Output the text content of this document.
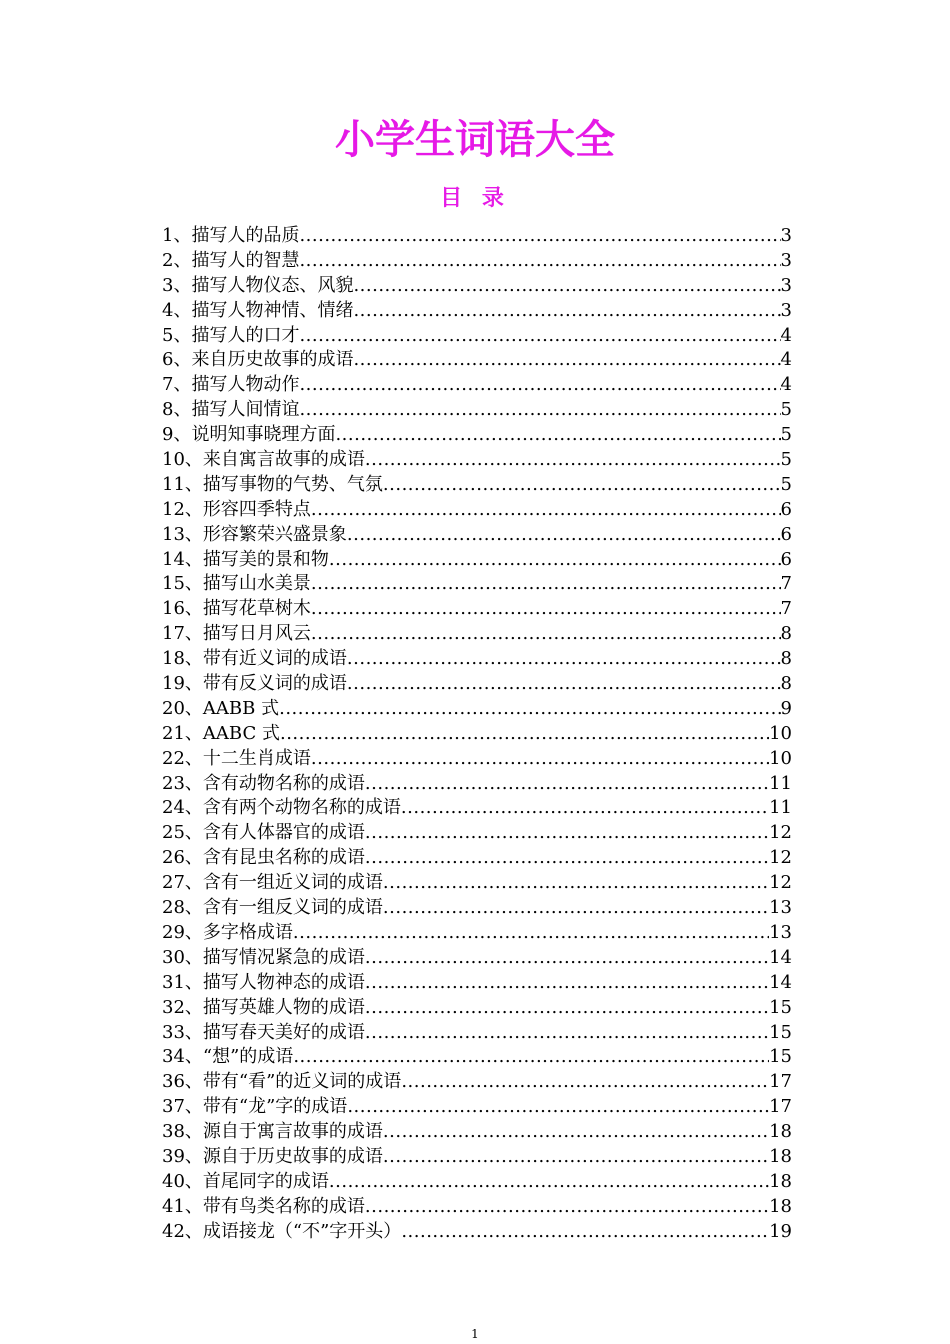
小学生词语大全
目 录
1、描写人的品质 .....	3
2、描写人的智慧 .....	3
3、描写人物仪态、风貌 .....	3
4、描写人物神情、情绪 .....	3
5、描写人的口才 .....	4
6、来自历史故事的成语 .....	4
7、描写人物动作 .....	4
8、描写人间情谊 .....	5
9、说明知事晓理方面 .....	5
10、来自寓言故事的成语 .....	5
11、描写事物的气势、气氛 .....	5
12、形容四季特点 .....	6
13、形容繁荣兴盛景象 .....	6
14、描写美的景和物 .....	6
15、描写山水美景 .....	7
16、描写花草树木 .....	7
17、描写日月风云 .....	8
18、带有近义词的成语 .....	8
19、带有反义词的成语 .....	8
20、AABB 式 .....	9
21、AABC 式 .....	10
22、十二生肖成语 .....	10
23、含有动物名称的成语 .....	11
24、含有两个动物名称的成语 .....	11
25、含有人体器官的成语 .....	12
26、含有昆虫名称的成语 .....	12
27、含有一组近义词的成语 .....	12
28、含有一组反义词的成语 .....	13
29、多字格成语 .....	13
30、描写情况紧急的成语 .....	14
31、描写人物神态的成语 .....	14
32、描写英雄人物的成语 .....	15
33、描写春天美好的成语 .....	15
34、“想”的成语 .....	15
36、带有“看”的近义词的成语 .....	17
37、带有“龙”字的成语 .....	17
38、源自于寓言故事的成语 .....	18
39、源自于历史故事的成语 .....	18
40、首尾同字的成语 .....	18
41、带有鸟类名称的成语 .....	18
42、成语接龙（“不”字开头） .....	19
1
